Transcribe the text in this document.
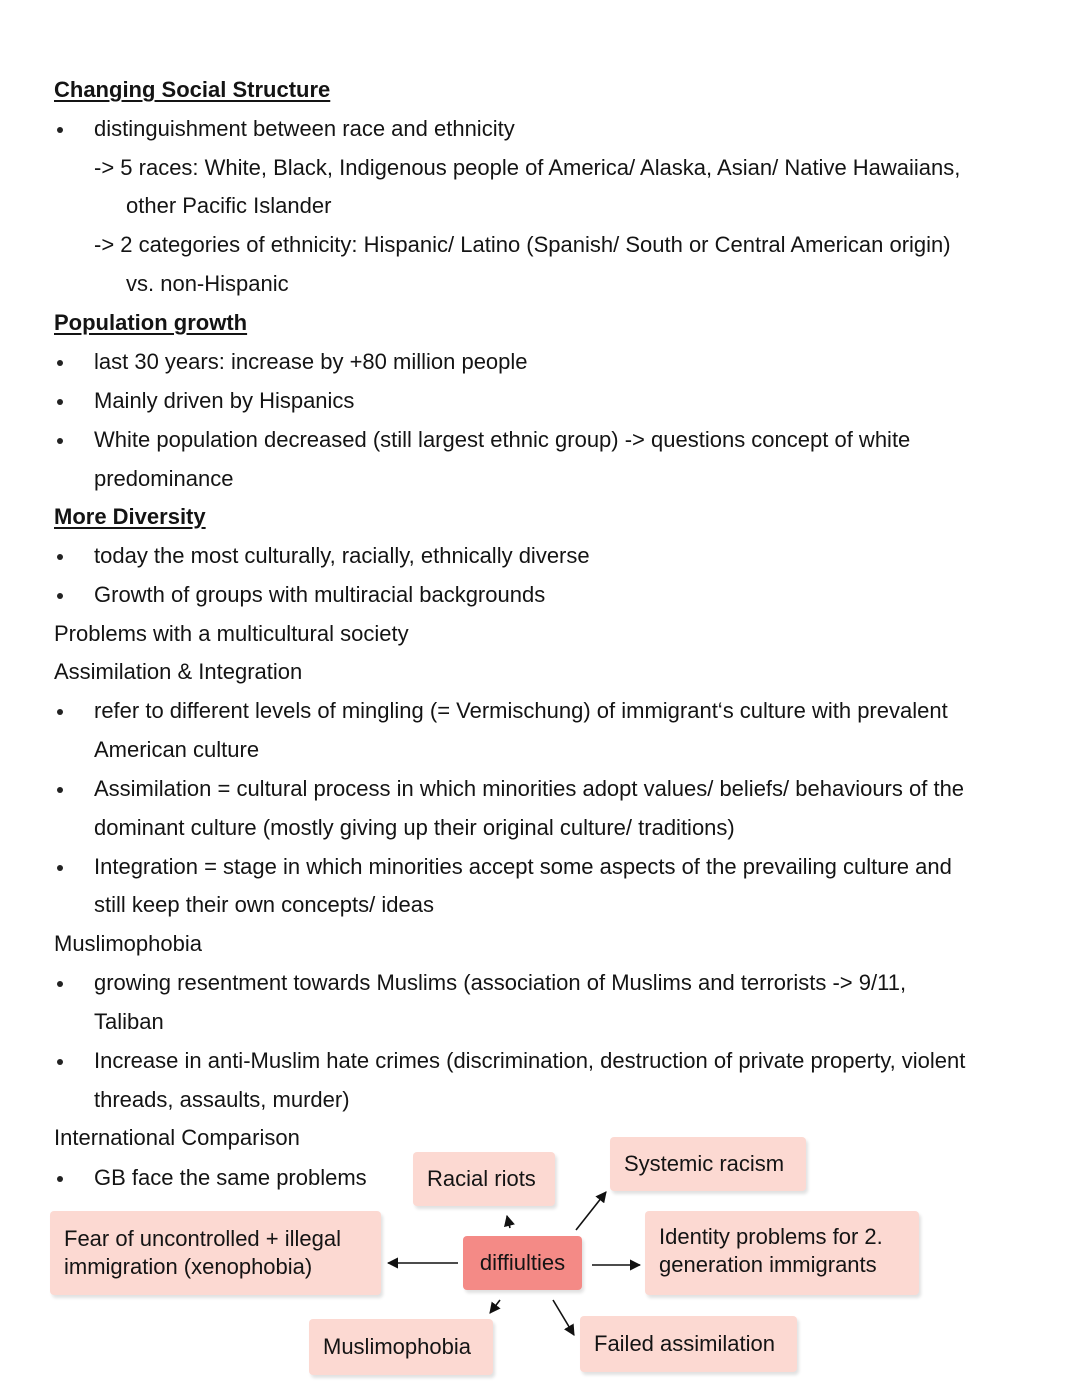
Changing Social Structure
distinguishment between race and ethnicity
-> 5 races: White, Black, Indigenous people of America/ Alaska, Asian/ Native Hawaiians,
other Pacific Islander
-> 2 categories of ethnicity: Hispanic/ Latino (Spanish/ South or Central American origin)
vs. non-Hispanic
Population growth
last 30 years: increase by +80 million people
Mainly driven by Hispanics
White population decreased (still largest ethnic group) -> questions concept of white
predominance
More Diversity
today the most culturally, racially, ethnically diverse
Growth of groups with multiracial backgrounds
Problems with a multicultural society
Assimilation & Integration
refer to different levels of mingling (= Vermischung) of immigrant‘s culture with prevalent
American culture
Assimilation = cultural process in which minorities adopt values/ beliefs/ behaviours of the
dominant culture (mostly giving up their original culture/ traditions)
Integration = stage in which minorities accept some aspects of the prevailing culture and
still keep their own concepts/ ideas
Muslimophobia
growing resentment towards Muslims (association of Muslims and terrorists -> 9/11,
Taliban
Increase in anti-Muslim hate crimes (discrimination, destruction of private property, violent
threads, assaults, murder)
International Comparison
GB face the same problems	Racial riots
Systemic racism
Fear of uncontrolled + illegal
immigration (xenophobia)	diffiulties
Identity problems for 2.
generation immigrants
Muslimophobia	Failed assimilation
